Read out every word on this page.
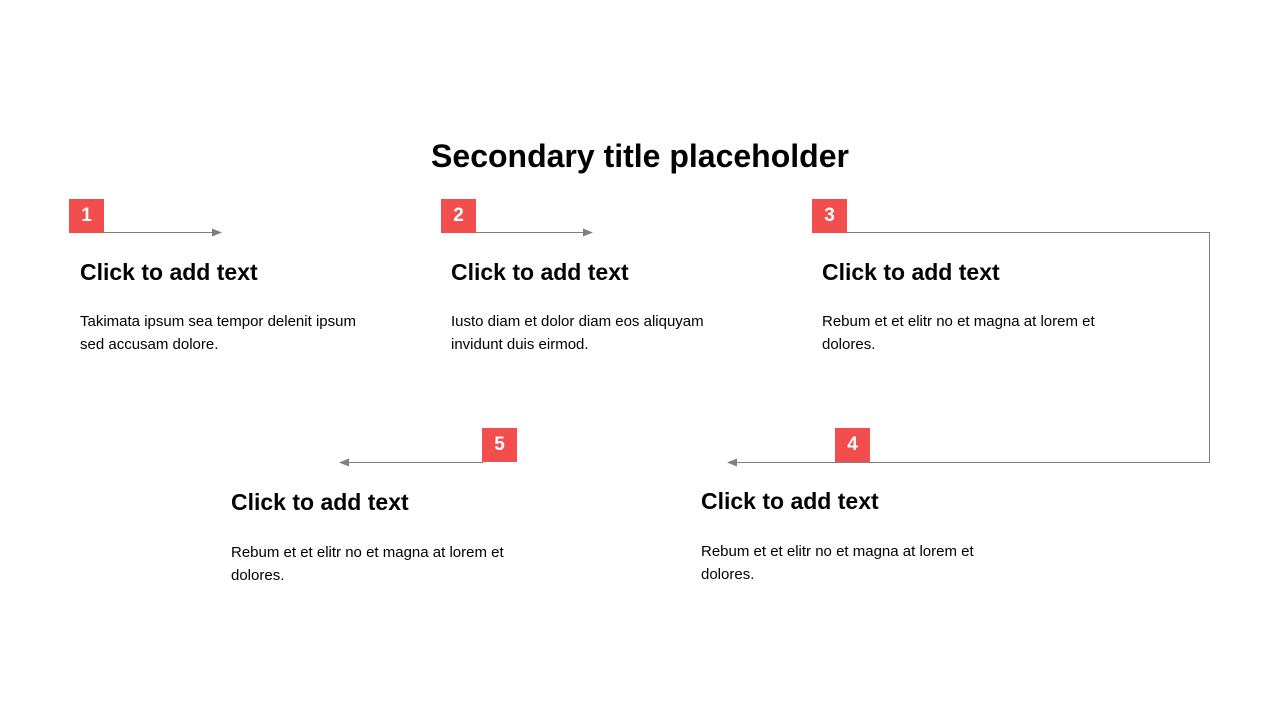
Secondary title placeholder
1
Click to add text
Takimata ipsum sea tempor delenit ipsum sed accusam dolore.
2
Click to add text
Iusto diam et dolor diam eos aliquyam invidunt duis eirmod.
3
Click to add text
Rebum et et elitr no et magna at lorem et dolores.
4
Click to add text
Rebum et et elitr no et magna at lorem et dolores.
5
Click to add text
Rebum et et elitr no et magna at lorem et dolores.
